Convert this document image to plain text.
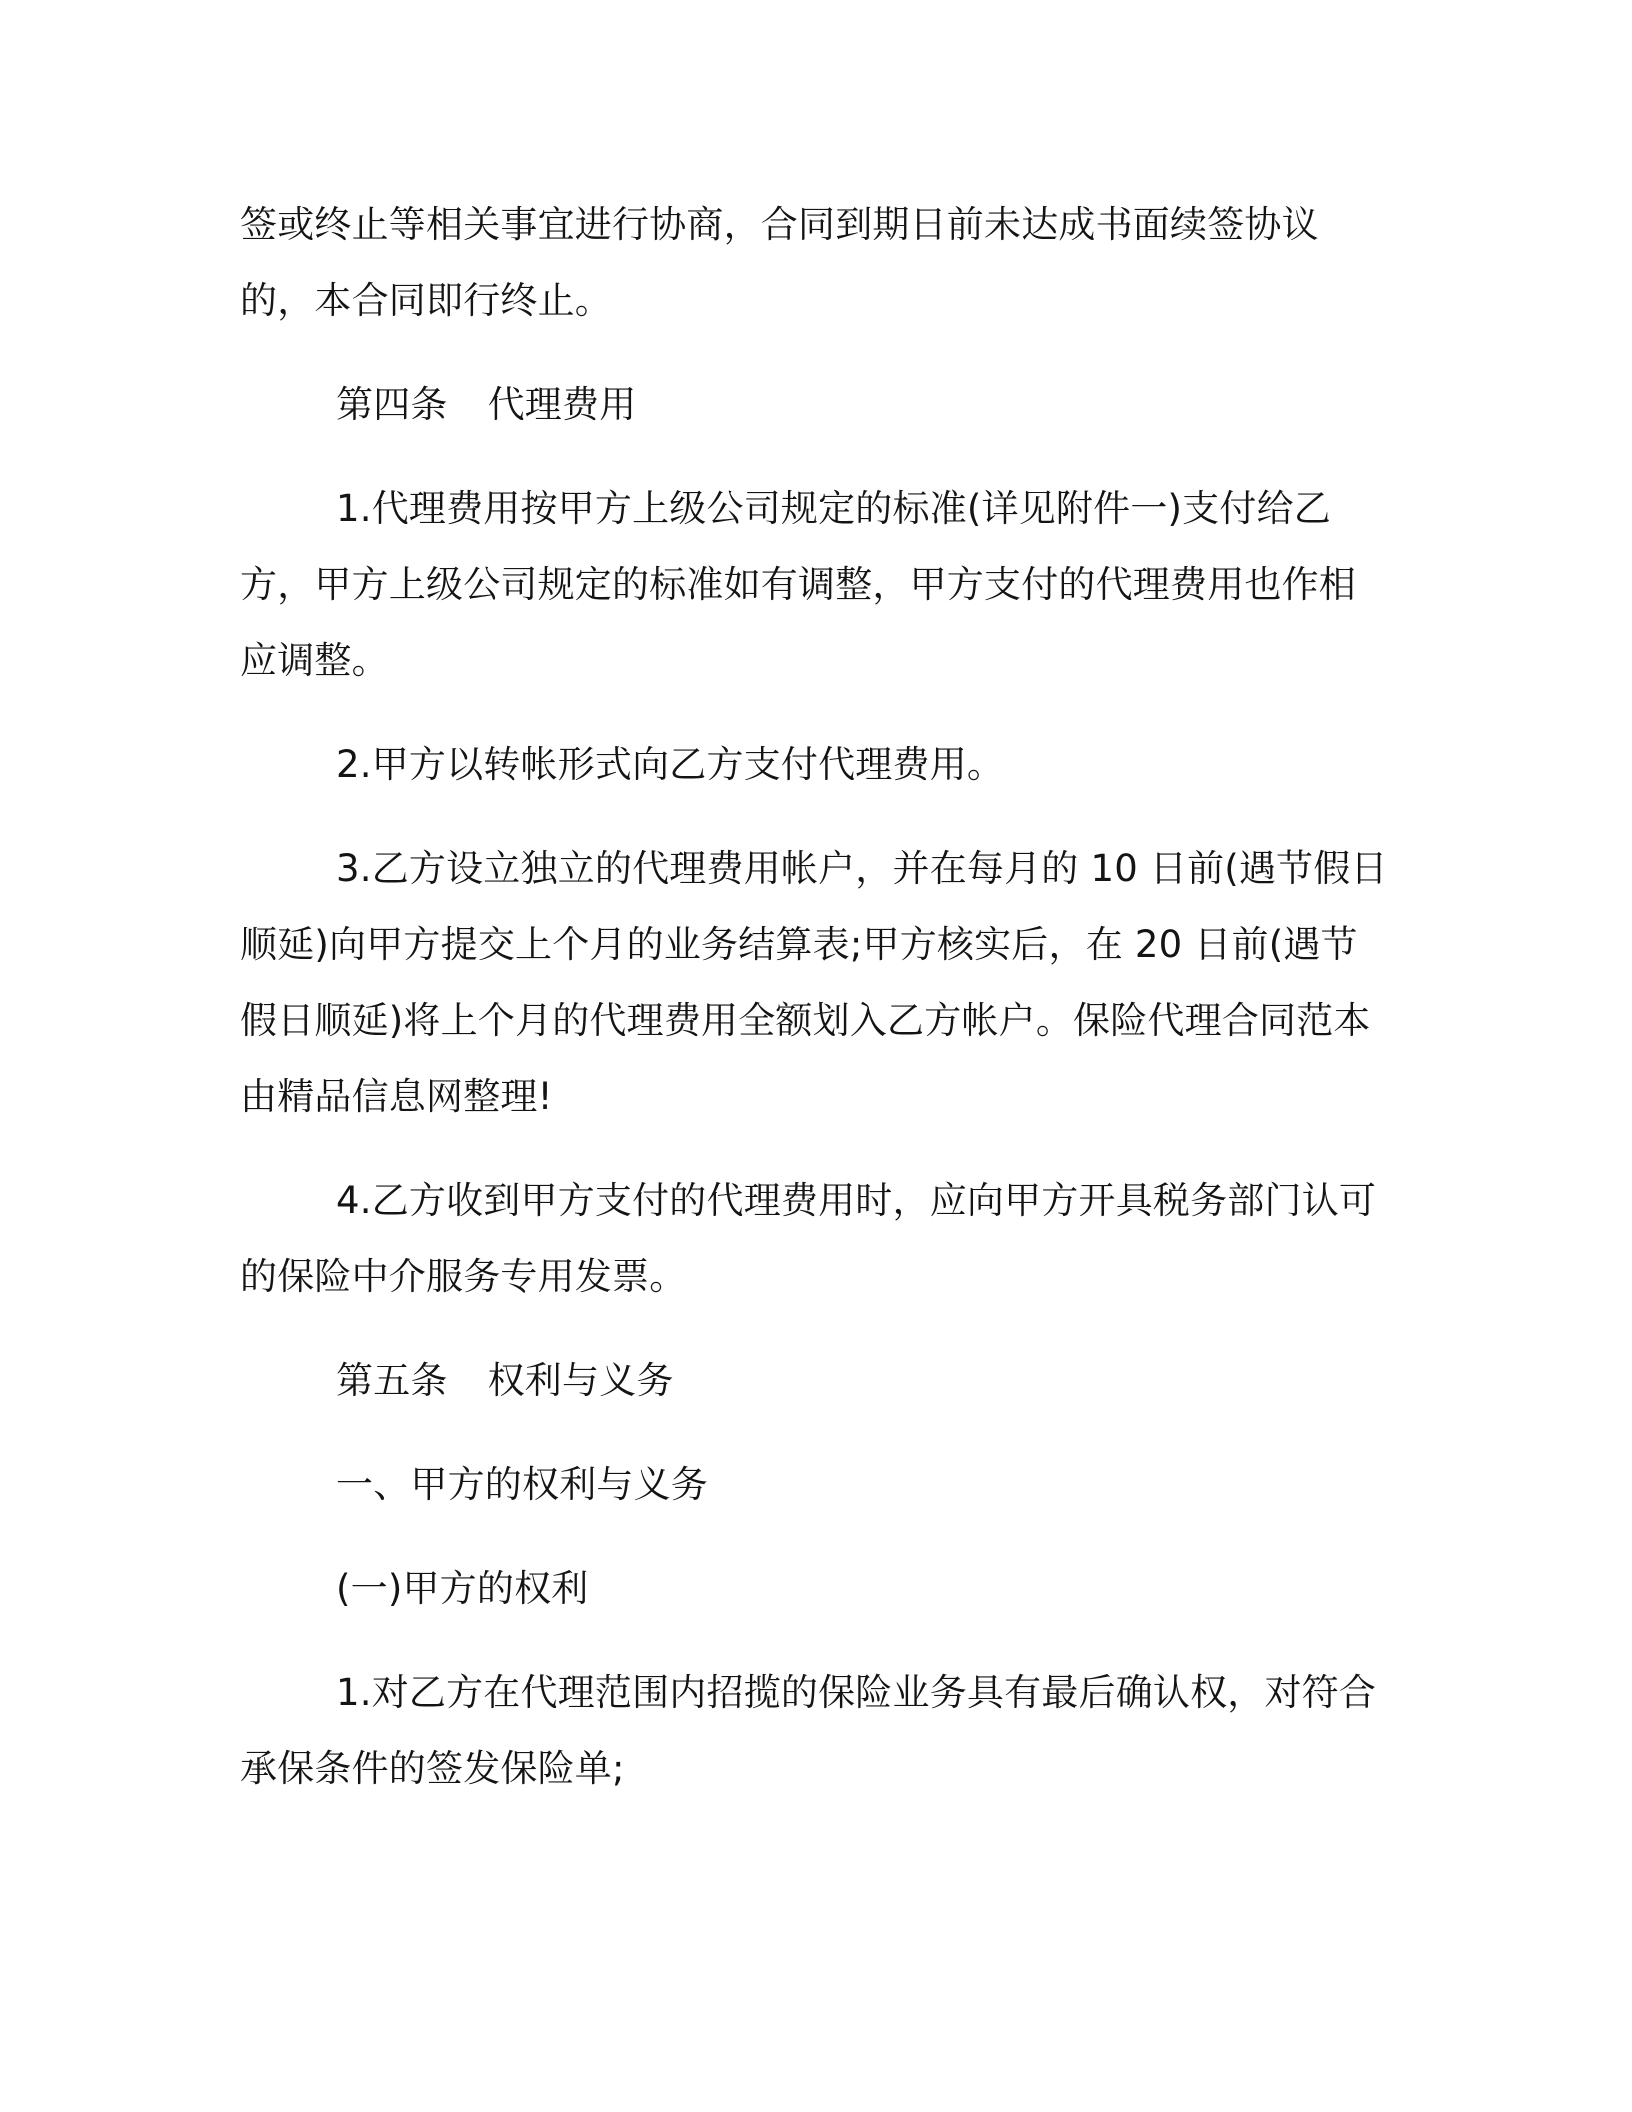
签或终止等相关事宜进行协商，合同到期日前未达成书面续签协议的，本合同即行终止。

第四条 代理费用

1.代理费用按甲方上级公司规定的标准(详见附件一)支付给乙方，甲方上级公司规定的标准如有调整，甲方支付的代理费用也作相应调整。

2.甲方以转帐形式向乙方支付代理费用。

3.乙方设立独立的代理费用帐户，并在每月的 10 日前(遇节假日顺延)向甲方提交上个月的业务结算表;甲方核实后，在 20 日前(遇节假日顺延)将上个月的代理费用全额划入乙方帐户。保险代理合同范本由精品信息网整理!

4.乙方收到甲方支付的代理费用时，应向甲方开具税务部门认可的保险中介服务专用发票。

第五条 权利与义务

一、甲方的权利与义务

(一)甲方的权利

1.对乙方在代理范围内招揽的保险业务具有最后确认权，对符合承保条件的签发保险单;
